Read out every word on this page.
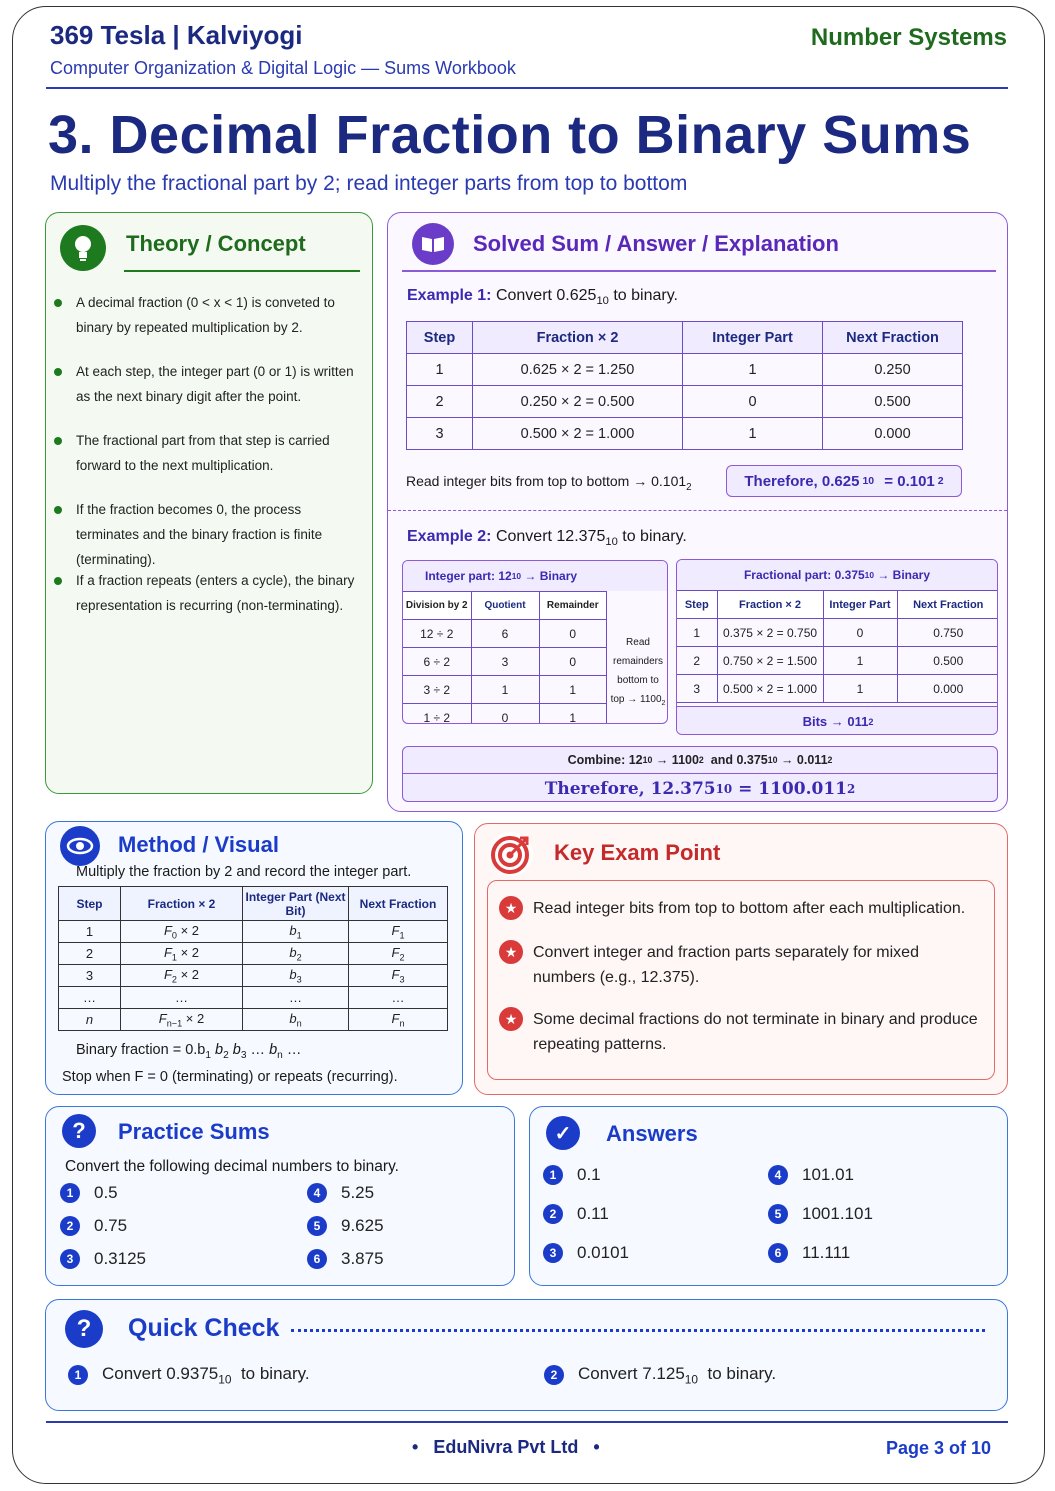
369 Tesla | Kalviyogi
Computer Organization & Digital Logic — Sums Workbook
Number Systems
3. Decimal Fraction to Binary Sums
Multiply the fractional part by 2; read integer parts from top to bottom
Theory / Concept
A decimal fraction (0 < x < 1) is conveted to binary by repeated multiplication by 2.
At each step, the integer part (0 or 1) is written as the next binary digit after the point.
The fractional part from that step is carried forward to the next multiplication.
If the fraction becomes 0, the process terminates and the binary fraction is finite (terminating).
If a fraction repeats (enters a cycle), the binary representation is recurring (non-terminating).
Solved Sum / Answer / Explanation
Example 1: Convert $0.625_{10}$ to binary.
Step	Fraction × 2	Integer Part	Next Fraction
1	0.625 × 2 = 1.250	1	0.250
2	0.250 × 2 = 0.500	0	0.500
3	0.500 × 2 = 1.000	1	0.000
Read integer bits from top to bottom → $0.101_2$	Therefore, 0.625 10
= 0.101 2
Example 2: Convert $12.375_{10}$ to binary.
Integer part: 12 10
→ Binary
Division by 2	Quotient	Remainder
12 ÷ 2	6	0
6 ÷ 2	3	0
3 ÷ 2	1	1
1 ÷ 2	0	1
Read remainders bottom to top → $1100_2$
Fractional part: 0.375 10
→ Binary
Step	Fraction × 2	Integer Part	Next Fraction
1	0.375 × 2 = 0.750	0	0.750
2	0.750 × 2 = 1.500	1	0.500
3	0.500 × 2 = 1.000	1	0.000
Bits → 011 2
Combine: 12 10
→ 1100 2
and 0.375 10
→ 0.011 2
Therefore, 12.375 10
= 1100.011 2
Method / Visual
Multiply the fraction by 2 and record the integer part.
Step	Fraction × 2	Integer Part (Next Bit)	Next Fraction
1	$F_0 \times 2$	$b_1$	$F_1$
2	$F_1 \times 2$	$b_2$	$F_2$
3	$F_2 \times 2$	$b_3$	$F_3$
…	…	…	…
n	$F_{n-1} \times 2$	$b_n$	$F_n$
Binary fraction = $0.b_1$ $b_2$ $b_3$ … $b_n$ …
Stop when F = 0 (terminating) or repeats (recurring).
Key Exam Point
★ Read integer bits from top to bottom after each multiplication.
★ Convert integer and fraction parts separately for mixed numbers (e.g., 12.375).
★ Some decimal fractions do not terminate in binary and produce repeating patterns.
?	Practice Sums
Convert the following decimal numbers to binary.
1	0.5
2	0.75
3	0.3125
4	5.25
5	9.625
6	3.875
✓	Answers
1	0.1
2	0.11
3	0.0101
4	101.01
5	1001.101
6	11.111
?	Quick Check
1	Convert $0.9375_{10}$ to binary.	2	Convert $7.125_{10}$ to binary.
•   EduNivra Pvt Ltd   •	Page 3 of 10
